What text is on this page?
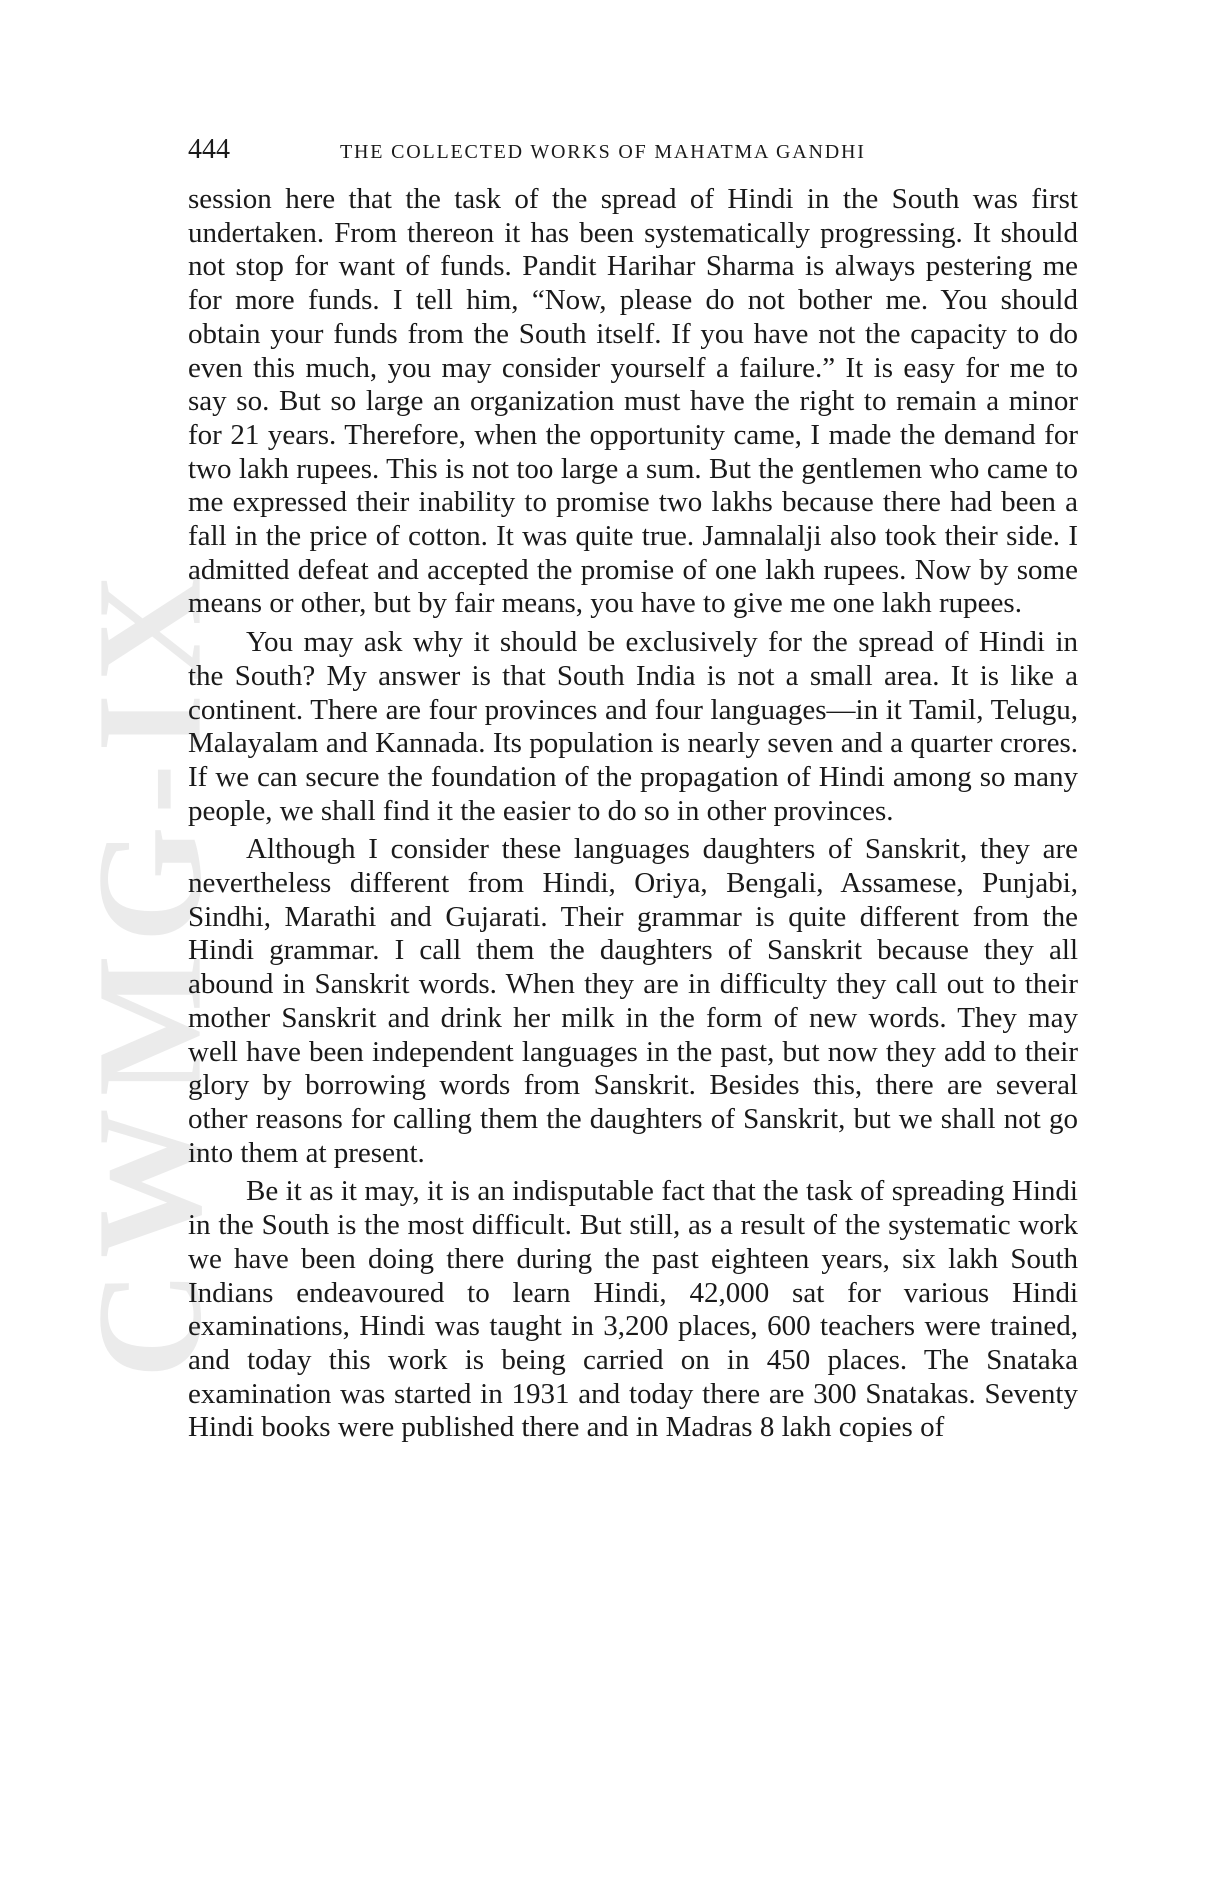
CWMG-IX
444	THE COLLECTED WORKS OF MAHATMA GANDHI

session here that the task of the spread of Hindi in the South was first undertaken. From thereon it has been systematically progressing. It should not stop for want of funds. Pandit Harihar Sharma is always pestering me for more funds. I tell him, “Now, please do not bother me. You should obtain your funds from the South itself. If you have not the capacity to do even this much, you may consider yourself a failure.” It is easy for me to say so. But so large an organization must have the right to remain a minor for 21 years. Therefore, when the opportunity came, I made the demand for two lakh rupees. This is not too large a sum. But the gentlemen who came to me expressed their inability to promise two lakhs because there had been a fall in the price of cotton. It was quite true. Jamnalalji also took their side. I admitted defeat and accepted the promise of one lakh rupees. Now by some means or other, but by fair means, you have to give me one lakh rupees.

You may ask why it should be exclusively for the spread of Hindi in the South? My answer is that South India is not a small area. It is like a continent. There are four provinces and four languages—in it Tamil, Telugu, Malayalam and Kannada. Its population is nearly seven and a quarter crores. If we can secure the foundation of the propagation of Hindi among so many people, we shall find it the easier to do so in other provinces.

Although I consider these languages daughters of Sanskrit, they are nevertheless different from Hindi, Oriya, Bengali, Assamese, Punjabi, Sindhi, Marathi and Gujarati. Their grammar is quite different from the Hindi grammar. I call them the daughters of Sanskrit because they all abound in Sanskrit words. When they are in difficulty they call out to their mother Sanskrit and drink her milk in the form of new words. They may well have been independent languages in the past, but now they add to their glory by borrowing words from Sanskrit. Besides this, there are several other reasons for calling them the daughters of Sanskrit, but we shall not go into them at present.

Be it as it may, it is an indisputable fact that the task of spreading Hindi in the South is the most difficult. But still, as a result of the systematic work we have been doing there during the past eighteen years, six lakh South Indians endeavoured to learn Hindi, 42,000 sat for various Hindi examinations, Hindi was taught in 3,200 places, 600 teachers were trained, and today this work is being carried on in 450 places. The Snataka examination was started in 1931 and today there are 300 Snatakas. Seventy Hindi books were published there and in Madras 8 lakh copies of
